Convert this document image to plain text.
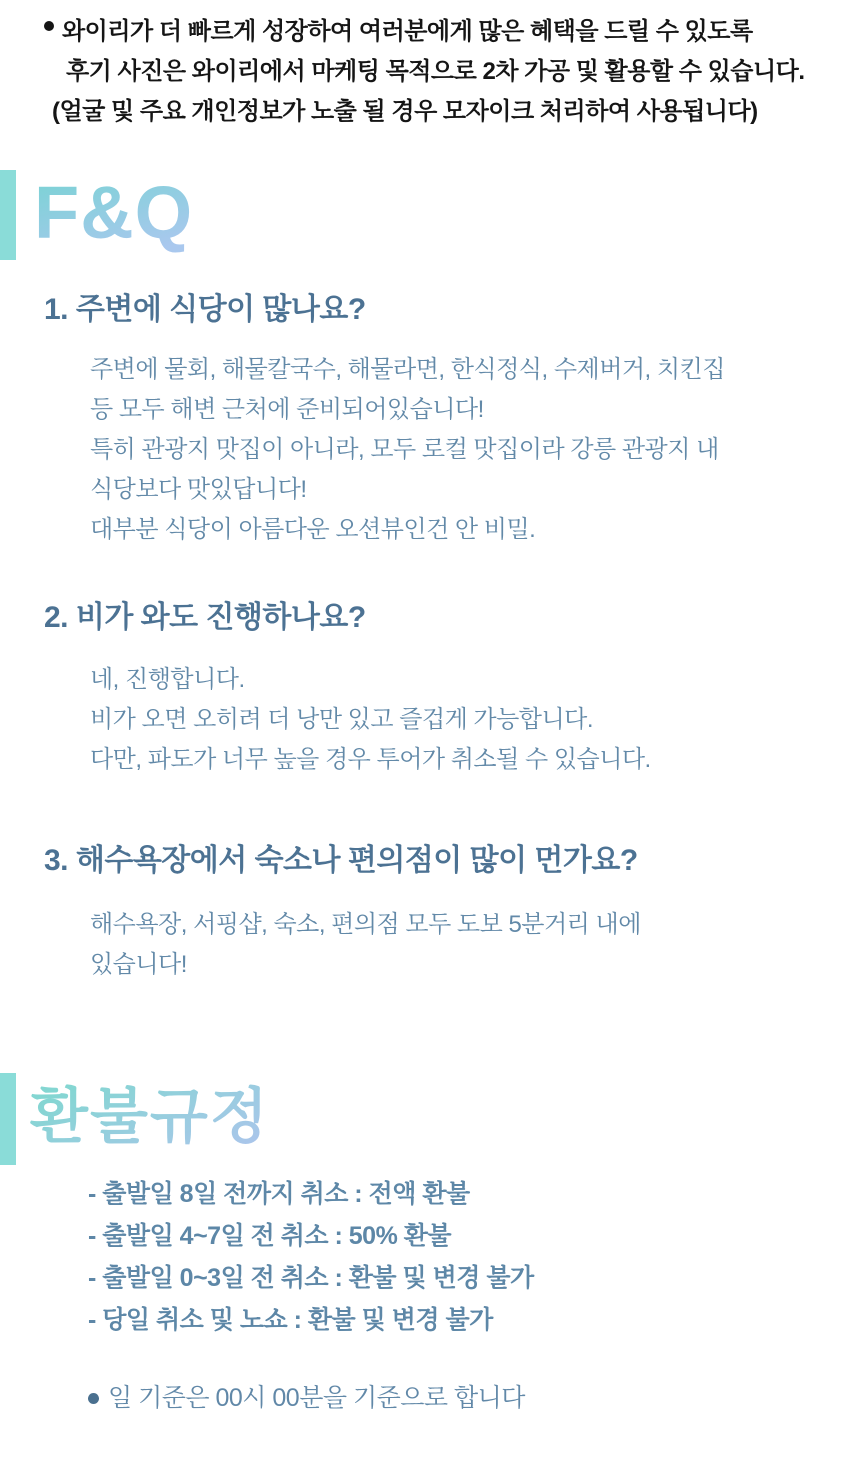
와이리가 더 빠르게 성장하여 여러분에게 많은 혜택을 드릴 수 있도록
후기 사진은 와이리에서 마케팅 목적으로 2차 가공 및 활용할 수 있습니다.
(얼굴 및 주요 개인정보가 노출 될 경우 모자이크 처리하여 사용됩니다)
F&Q
1. 주변에 식당이 많나요?
주변에 물회, 해물칼국수, 해물라면, 한식정식, 수제버거, 치킨집
등 모두 해변 근처에 준비되어있습니다!
특히 관광지 맛집이 아니라, 모두 로컬 맛집이라 강릉 관광지 내
식당보다 맛있답니다!
대부분 식당이 아름다운 오션뷰인건 안 비밀.
2. 비가 와도 진행하나요?
네, 진행합니다.
비가 오면 오히려 더 낭만 있고 즐겁게 가능합니다.
다만, 파도가 너무 높을 경우 투어가 취소될 수 있습니다.
3. 해수욕장에서 숙소나 편의점이 많이 먼가요?
해수욕장, 서핑샵, 숙소, 편의점 모두 도보 5분거리 내에
있습니다!
환불규정
- 출발일 8일 전까지 취소 : 전액 환불
- 출발일 4~7일 전 취소 : 50% 환불
- 출발일 0~3일 전 취소 : 환불 및 변경 불가
- 당일 취소 및 노쇼 : 환불 및 변경 불가
일 기준은 00시 00분을 기준으로 합니다
